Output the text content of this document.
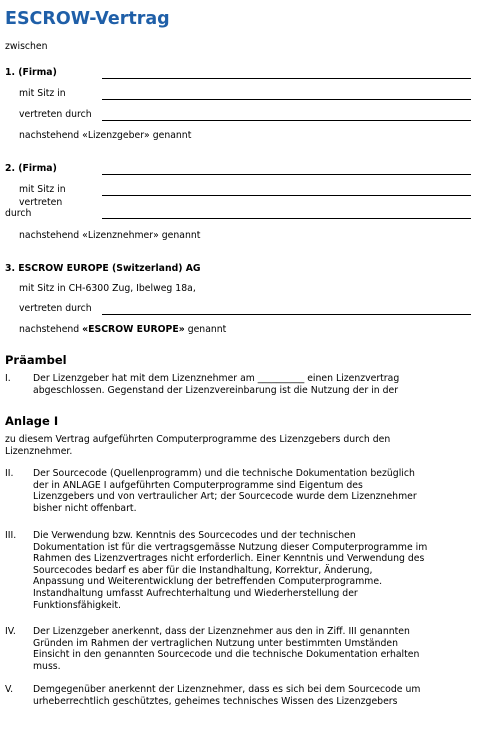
ESCROW-Vertrag
zwischen
1. (Firma)
mit Sitz in
vertreten durch
nachstehend «Lizenzgeber» genannt
2. (Firma)
mit Sitz in
vertreten
durch
nachstehend «Lizenznehmer» genannt
3. ESCROW EUROPE (Switzerland) AG
mit Sitz in CH-6300 Zug, Ibelweg 18a,
vertreten durch
nachstehend «ESCROW EUROPE» genannt
Präambel
I. Der Lizenzgeber hat mit dem Lizenznehmer am __________ einen Lizenzvertrag
abgeschlossen. Gegenstand der Lizenzvereinbarung ist die Nutzung der in der
Anlage I
zu diesem Vertrag aufgeführten Computerprogramme des Lizenzgebers durch den
Lizenznehmer.
II. Der Sourcecode (Quellenprogramm) und die technische Dokumentation bezüglich
der in ANLAGE I aufgeführten Computerprogramme sind Eigentum des
Lizenzgebers und von vertraulicher Art; der Sourcecode wurde dem Lizenznehmer
bisher nicht offenbart.
III. Die Verwendung bzw. Kenntnis des Sourcecodes und der technischen
Dokumentation ist für die vertragsgemässe Nutzung dieser Computerprogramme im
Rahmen des Lizenzvertrages nicht erforderlich. Einer Kenntnis und Verwendung des
Sourcecodes bedarf es aber für die Instandhaltung, Korrektur, Änderung,
Anpassung und Weiterentwicklung der betreffenden Computerprogramme.
Instandhaltung umfasst Aufrechterhaltung und Wiederherstellung der
Funktionsfähigkeit.
IV. Der Lizenzgeber anerkennt, dass der Lizenznehmer aus den in Ziff. III genannten
Gründen im Rahmen der vertraglichen Nutzung unter bestimmten Umständen
Einsicht in den genannten Sourcecode und die technische Dokumentation erhalten
muss.
V. Demgegenüber anerkennt der Lizenznehmer, dass es sich bei dem Sourcecode um
urheberrechtlich geschütztes, geheimes technisches Wissen des Lizenzgebers
